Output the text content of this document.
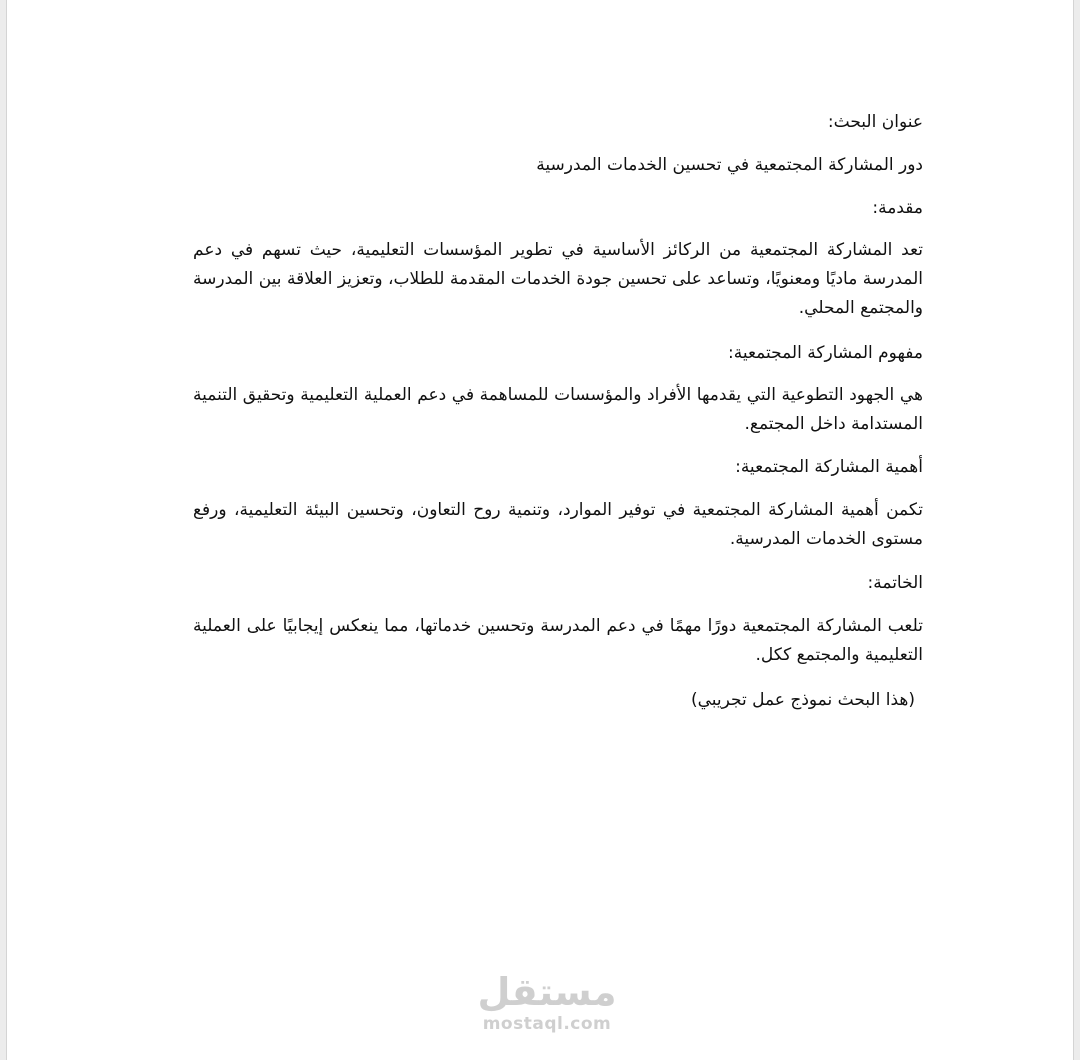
عنوان البحث:

دور المشاركة المجتمعية في تحسين الخدمات المدرسية

مقدمة:

تعد المشاركة المجتمعية من الركائز الأساسية في تطوير المؤسسات التعليمية، حيث تسهم في دعم المدرسة ماديًا ومعنويًا، وتساعد على تحسين جودة الخدمات المقدمة للطلاب، وتعزيز العلاقة بين المدرسة والمجتمع المحلي.

مفهوم المشاركة المجتمعية:

هي الجهود التطوعية التي يقدمها الأفراد والمؤسسات للمساهمة في دعم العملية التعليمية وتحقيق التنمية المستدامة داخل المجتمع.

أهمية المشاركة المجتمعية:

تكمن أهمية المشاركة المجتمعية في توفير الموارد، وتنمية روح التعاون، وتحسين البيئة التعليمية، ورفع مستوى الخدمات المدرسية.

الخاتمة:

تلعب المشاركة المجتمعية دورًا مهمًا في دعم المدرسة وتحسين خدماتها، مما ينعكس إيجابيًا على العملية التعليمية والمجتمع ككل.

(هذا البحث نموذج عمل تجريبي)

مستقل
mostaql.com
